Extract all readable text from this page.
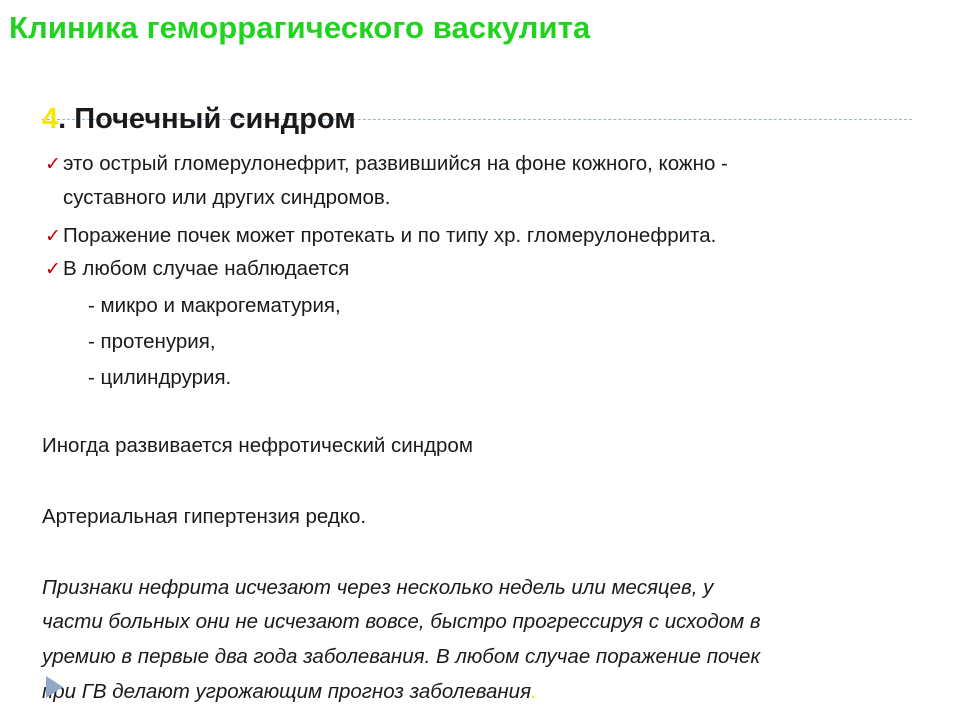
Клиника геморрагического васкулита
4. Почечный синдром
✓ это острый гломерулонефрит, развившийся на фоне кожного, кожно -
суставного или других синдромов.
✓ Поражение почек может протекать и по типу хр. гломерулонефрита.
✓ В любом случае наблюдается
- микро и макрогематурия,
- протенурия,
- цилиндрурия.
Иногда развивается нефротический синдром
Артериальная гипертензия редко.
Признаки нефрита исчезают через несколько недель или месяцев, у
части больных они не исчезают вовсе, быстро прогрессируя с исходом в
уремию в первые два года заболевания. В любом случае поражение почек
при ГВ делают угрожающим прогноз заболевания.
